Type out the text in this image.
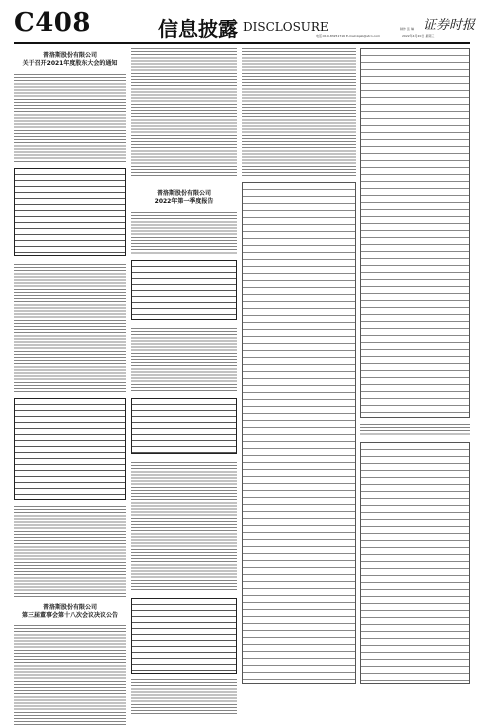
C408	信息披露 DISCLOSURE	制作 张 琳 证券时报
电话:010-83251716 E-mail:zqsb@stcn.com	2022年4月20日 星期三
普洛斯股份有限公司
关于召开2021年度股东大会的通知
普洛斯股份有限公司
第三届董事会第十八次会议决议公告
普洛斯股份有限公司
2022年第一季度报告
